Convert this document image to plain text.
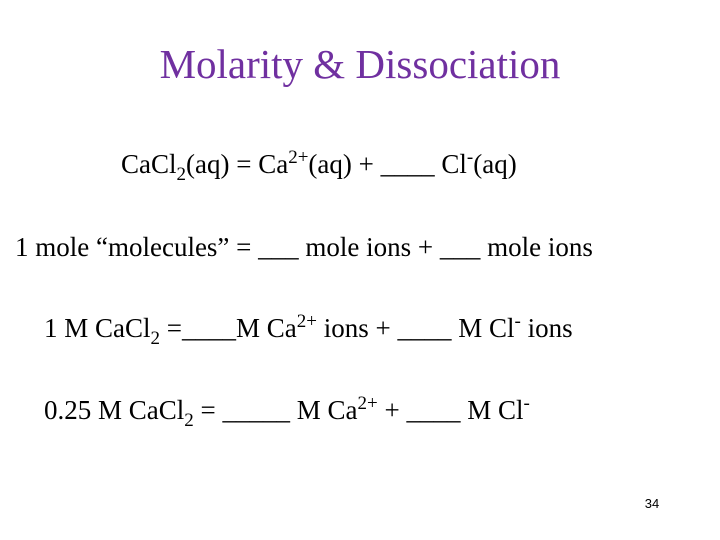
Molarity & Dissociation
CaCl$_2$(aq) = $Ca^{2+}(aq)$ + ____ Cl-(aq)
1 mole “molecules” = ___ mole ions + ___ mole ions
1 M CaCl$_2$ =____M $Ca^{2+}$ ions + ____ M Cl- ions
0.25 M CaCl$_2$ = _____ M $Ca^{2+}$ + ____ M Cl-
34
